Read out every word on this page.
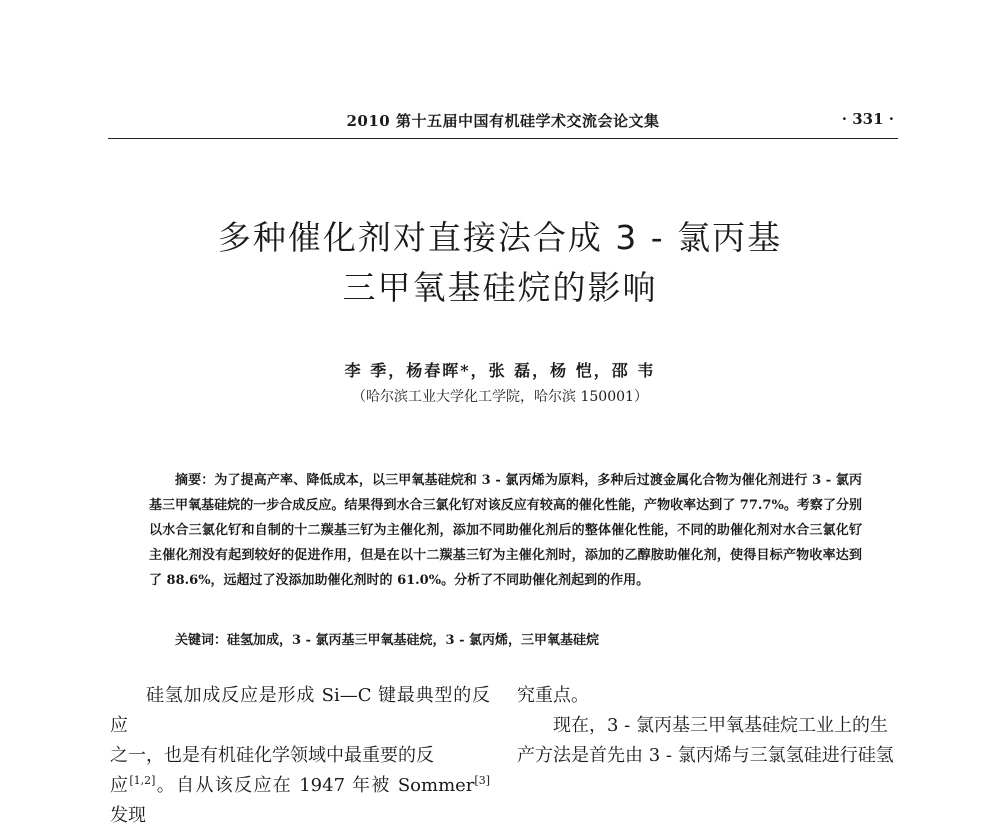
2010 第十五届中国有机硅学术交流会论文集	· 331 ·
多种催化剂对直接法合成 3 - 氯丙基
三甲氧基硅烷的影响
李 季，杨春晖*，张 磊，杨 恺，邵 韦
（哈尔滨工业大学化工学院，哈尔滨 150001）
摘要：为了提高产率、降低成本，以三甲氧基硅烷和 3 - 氯丙烯为原料，多种后过渡金属化合物为催化剂进行 3 - 氯丙基三甲氧基硅烷的一步合成反应。结果得到水合三氯化钌对该反应有较高的催化性能，产物收率达到了 77.7%。考察了分别以水合三氯化钌和自制的十二羰基三钌为主催化剂，添加不同助催化剂后的整体催化性能，不同的助催化剂对水合三氯化钌主催化剂没有起到较好的促进作用，但是在以十二羰基三钌为主催化剂时，添加的乙醇胺助催化剂，使得目标产物收率达到了 88.6%，远超过了没添加助催化剂时的 61.0%。分析了不同助催化剂起到的作用。
关键词：硅氢加成，3 - 氯丙基三甲氧基硅烷，3 - 氯丙烯，三甲氧基硅烷

硅氢加成反应是形成 Si—C 键最典型的反应

之一，也是有机硅化学领域中最重要的反

应[1,2]。自从该反应在 1947 年被 Sommer[3] 发现

究重点。

现在，3 - 氯丙基三甲氧基硅烷工业上的生

产方法是首先由 3 - 氯丙烯与三氯氢硅进行硅氢
